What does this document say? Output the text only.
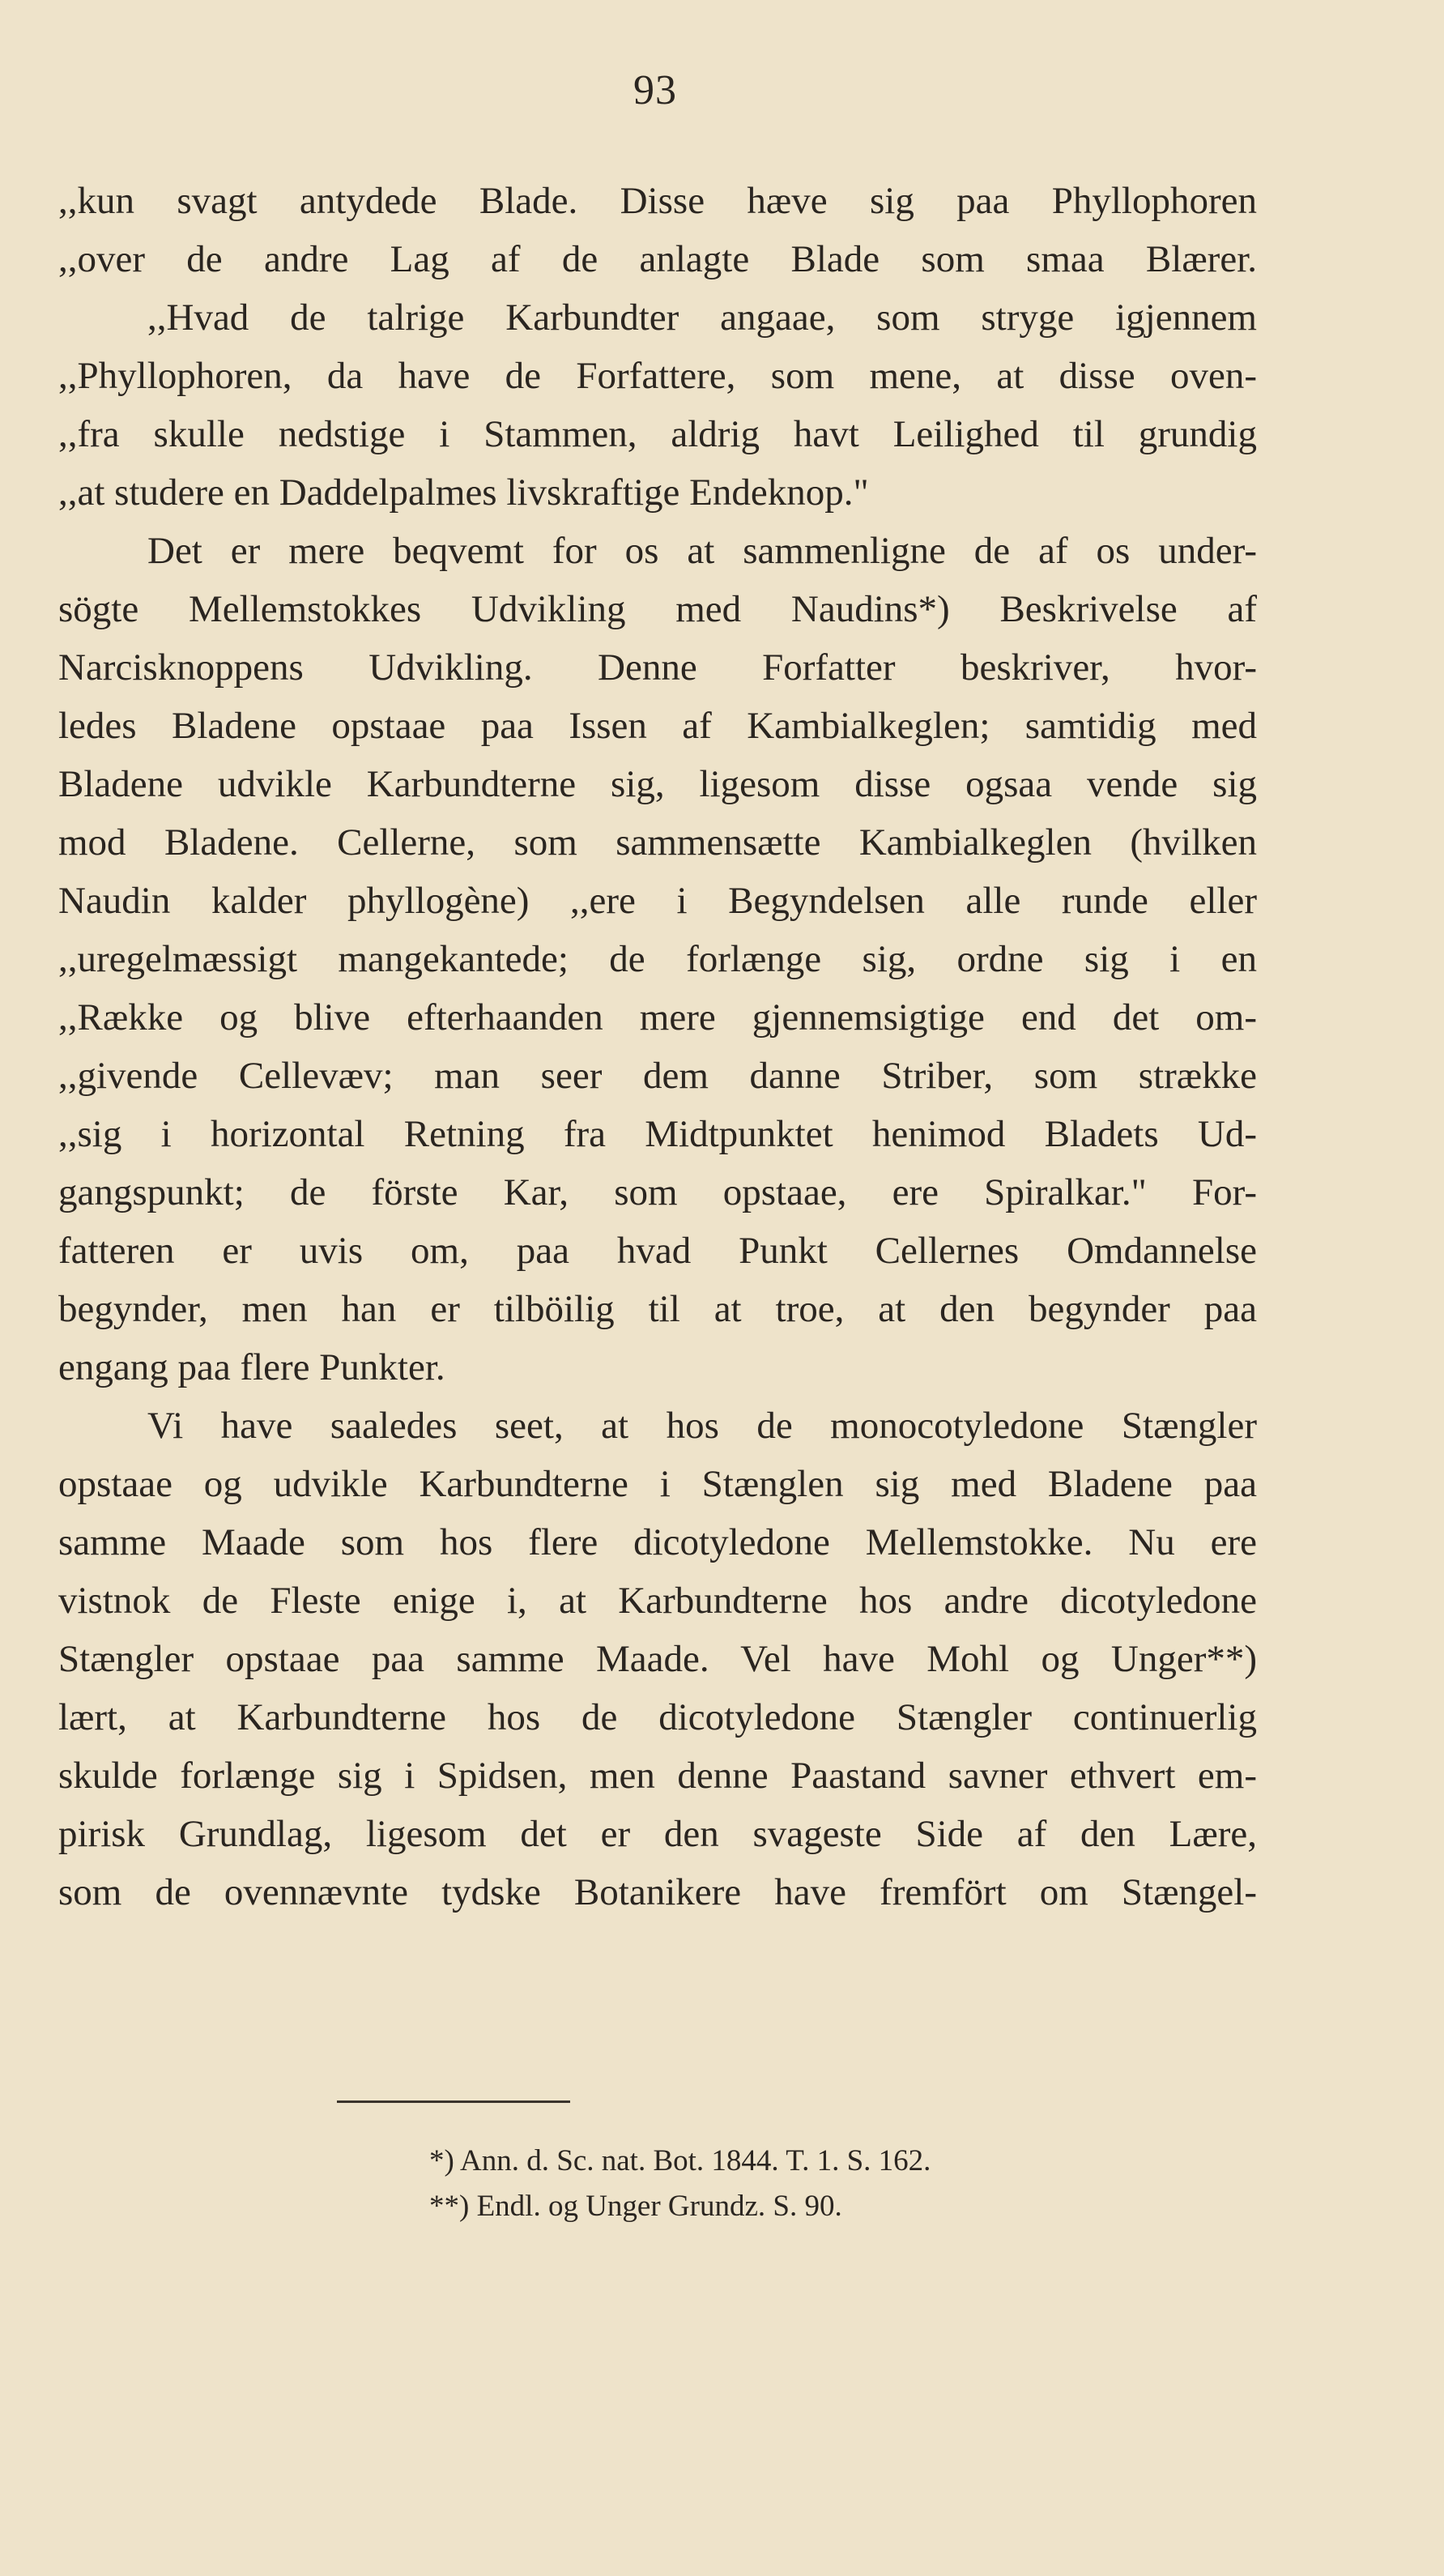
93
,,kun svagt antydede Blade. Disse hæve sig paa Phyllophoren
,,over de andre Lag af de anlagte Blade som smaa Blærer.
,,Hvad de talrige Karbundter angaae, som stryge igjennem
,,Phyllophoren, da have de Forfattere, som mene, at disse oven-
,,fra skulle nedstige i Stammen, aldrig havt Leilighed til grundig
,,at studere en Daddelpalmes livskraftige Endeknop."
Det er mere beqvemt for os at sammenligne de af os under-
sögte Mellemstokkes Udvikling med Naudins*) Beskrivelse af
Narcisknoppens Udvikling. Denne Forfatter beskriver, hvor-
ledes Bladene opstaae paa Issen af Kambialkeglen; samtidig med
Bladene udvikle Karbundterne sig, ligesom disse ogsaa vende sig
mod Bladene. Cellerne, som sammensætte Kambialkeglen (hvilken
Naudin kalder phyllogène) ,,ere i Begyndelsen alle runde eller
,,uregelmæssigt mangekantede; de forlænge sig, ordne sig i en
,,Række og blive efterhaanden mere gjennemsigtige end det om-
,,givende Cellevæv; man seer dem danne Striber, som strække
,,sig i horizontal Retning fra Midtpunktet henimod Bladets Ud-
gangspunkt; de förste Kar, som opstaae, ere Spiralkar." For-
fatteren er uvis om, paa hvad Punkt Cellernes Omdannelse
begynder, men han er tilböilig til at troe, at den begynder paa
engang paa flere Punkter.
Vi have saaledes seet, at hos de monocotyledone Stængler
opstaae og udvikle Karbundterne i Stænglen sig med Bladene paa
samme Maade som hos flere dicotyledone Mellemstokke. Nu ere
vistnok de Fleste enige i, at Karbundterne hos andre dicotyledone
Stængler opstaae paa samme Maade. Vel have Mohl og Unger**)
lært, at Karbundterne hos de dicotyledone Stængler continuerlig
skulde forlænge sig i Spidsen, men denne Paastand savner ethvert em-
pirisk Grundlag, ligesom det er den svageste Side af den Lære,
som de ovennævnte tydske Botanikere have fremfört om Stængel-
*) Ann. d. Sc. nat. Bot. 1844. T. 1. S. 162.
**) Endl. og Unger Grundz. S. 90.
